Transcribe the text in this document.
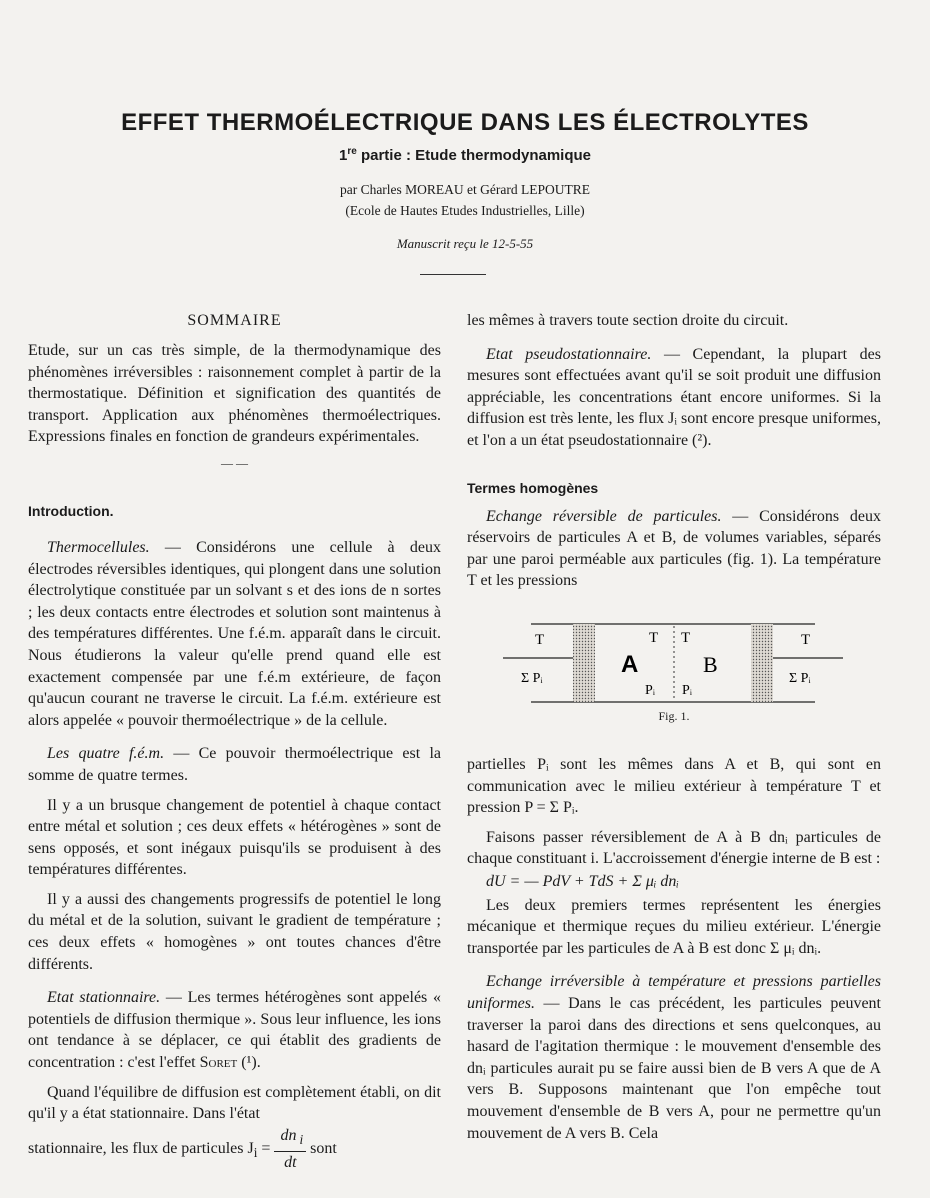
EFFET THERMOÉLECTRIQUE DANS LES ÉLECTROLYTES
1re partie : Etude thermodynamique
par Charles MOREAU et Gérard LEPOUTRE
(Ecole de Hautes Etudes Industrielles, Lille)
Manuscrit reçu le 12-5-55
SOMMAIRE

Etude, sur un cas très simple, de la thermodynamique des phénomènes irréversibles : raisonnement complet à partir de la thermostatique. Définition et signification des quantités de transport. Application aux phénomènes thermoélectriques. Expressions finales en fonction de grandeurs expérimentales.

— —
Introduction.

Thermocellules. — Considérons une cellule à deux électrodes réversibles identiques, qui plongent dans une solution électrolytique constituée par un solvant s et des ions de n sortes ; les deux contacts entre électrodes et solution sont maintenus à des températures différentes. Une f.é.m. apparaît dans le circuit. Nous étudierons la valeur qu'elle prend quand elle est exactement compensée par une f.é.m extérieure, de façon qu'aucun courant ne traverse le circuit. La f.é.m. extérieure est alors appelée « pouvoir thermoélectrique » de la cellule.

Les quatre f.é.m. — Ce pouvoir thermoélectrique est la somme de quatre termes.

Il y a un brusque changement de potentiel à chaque contact entre métal et solution ; ces deux effets « hétérogènes » sont de sens opposés, et sont inégaux puisqu'ils se produisent à des températures différentes.

Il y a aussi des changements progressifs de potentiel le long du métal et de la solution, suivant le gradient de température ; ces deux effets « homogènes » ont toutes chances d'être différents.

Etat stationnaire. — Les termes hétérogènes sont appelés « potentiels de diffusion thermique ». Sous leur influence, les ions ont tendance à se déplacer, ce qui établit des gradients de concentration : c'est l'effet Soret (¹).

Quand l'équilibre de diffusion est complètement établi, on dit qu'il y a état stationnaire. Dans l'état

stationnaire, les flux de particules $J_i = \frac{dn _i}{dt}$ sont

les mêmes à travers toute section droite du circuit.

Etat pseudostationnaire. — Cependant, la plupart des mesures sont effectuées avant qu'il se soit produit une diffusion appréciable, les concentrations étant encore uniformes. Si la diffusion est très lente, les flux Jᵢ sont encore presque uniformes, et l'on a un état pseudostationnaire (²).

Termes homogènes

Echange réversible de particules. — Considérons deux réservoirs de particules A et B, de volumes variables, séparés par une paroi perméable aux particules (fig. 1). La température T et les pressions

T	T T	T
A	B
Σ Pᵢ
Pᵢ Pᵢ
Σ Pᵢ
Fig. 1.

partielles Pᵢ sont les mêmes dans A et B, qui sont en communication avec le milieu extérieur à température T et pression P = Σ Pᵢ.

Faisons passer réversiblement de A à B dnᵢ particules de chaque constituant i. L'accroissement d'énergie interne de B est :

dU = — PdV + TdS + Σ μᵢ dnᵢ

Les deux premiers termes représentent les énergies mécanique et thermique reçues du milieu extérieur. L'énergie transportée par les particules de A à B est donc Σ μᵢ dnᵢ.

Echange irréversible à température et pressions partielles uniformes. — Dans le cas précédent, les particules peuvent traverser la paroi dans des directions et sens quelconques, au hasard de l'agitation thermique : le mouvement d'ensemble des dnᵢ particules aurait pu se faire aussi bien de B vers A que de A vers B. Supposons maintenant que l'on empêche tout mouvement d'ensemble de B vers A, pour ne permettre qu'un mouvement de A vers B. Cela
